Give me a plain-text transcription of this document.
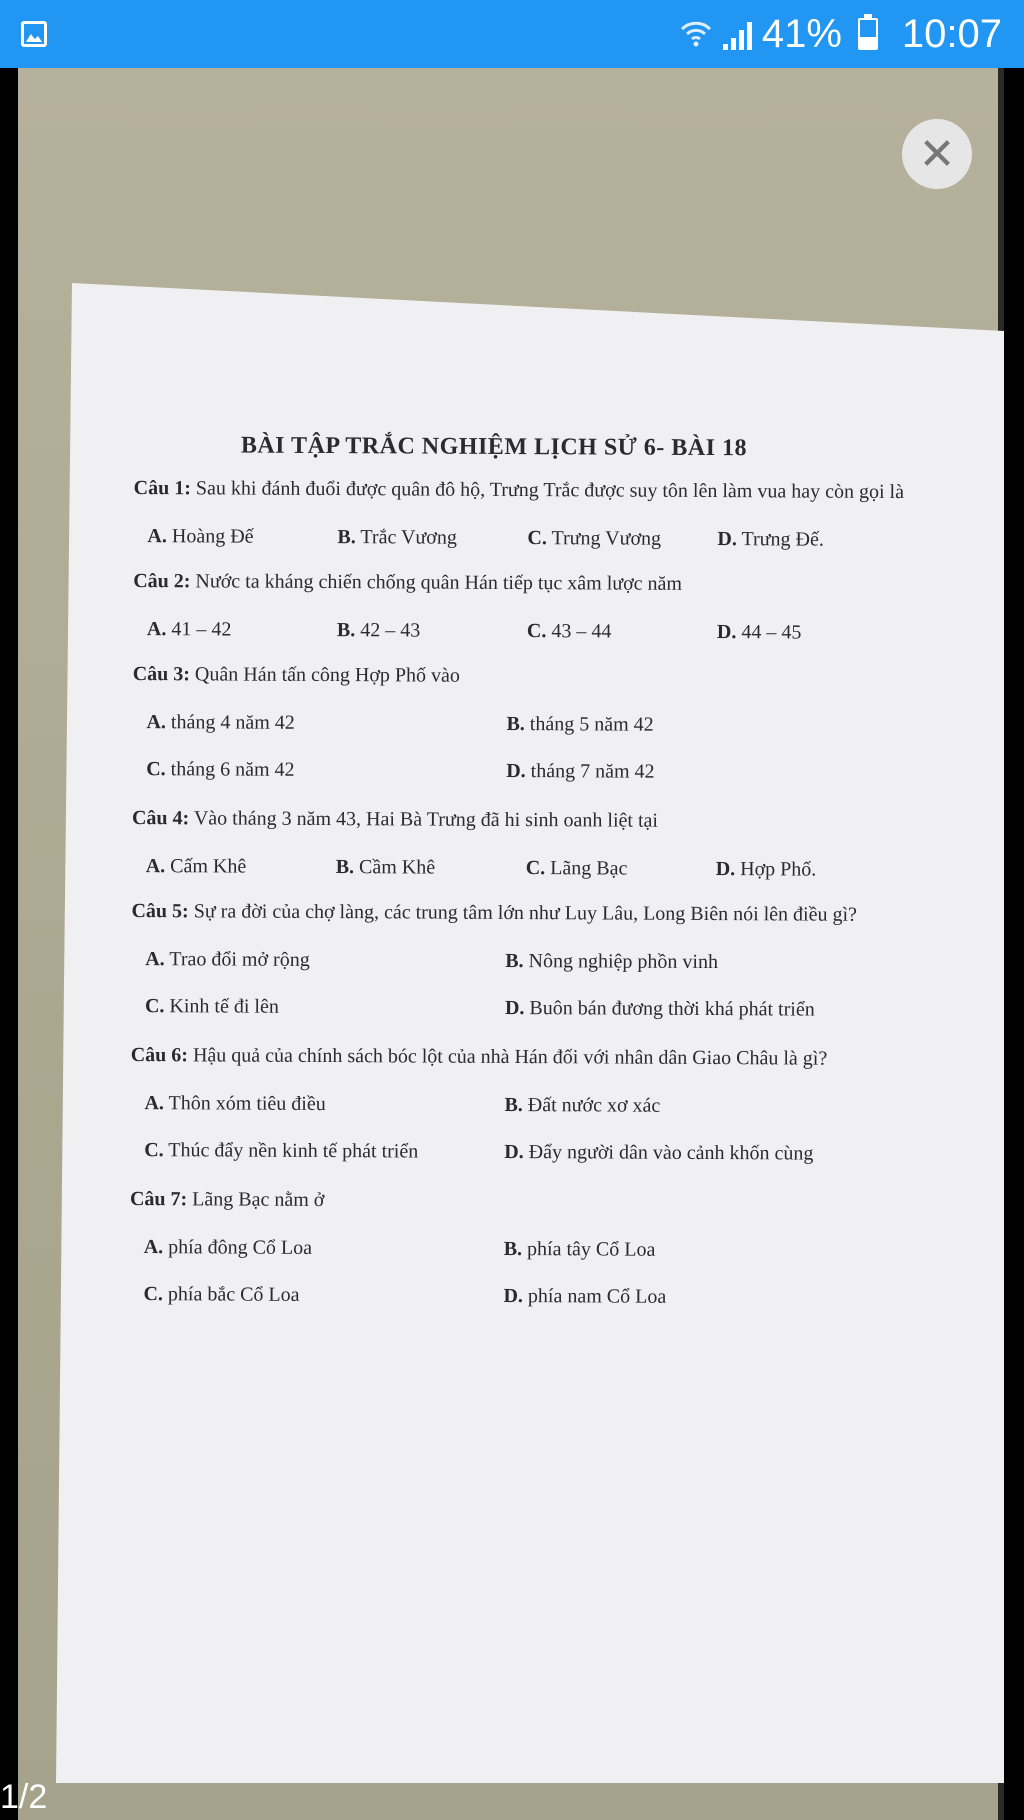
41% 10:07
BÀI TẬP TRẮC NGHIỆM LỊCH SỬ 6- BÀI 18

Câu 1: Sau khi đánh đuổi được quân đô hộ, Trưng Trắc được suy tôn lên làm vua hay còn gọi là

A. Hoàng Đế	B. Trắc Vương	C. Trưng Vương	D. Trưng Đế.

Câu 2: Nước ta kháng chiến chống quân Hán tiếp tục xâm lược năm

A. 41 – 42	B. 42 – 43	C. 43 – 44	D. 44 – 45

Câu 3: Quân Hán tấn công Hợp Phố vào

A. tháng 4 năm 42	B. tháng 5 năm 42
C. tháng 6 năm 42	D. tháng 7 năm 42

Câu 4: Vào tháng 3 năm 43, Hai Bà Trưng đã hi sinh oanh liệt tại

A. Cấm Khê	B. Cầm Khê	C. Lãng Bạc	D. Hợp Phố.

Câu 5: Sự ra đời của chợ làng, các trung tâm lớn như Luy Lâu, Long Biên nói lên điều gì?

A. Trao đổi mở rộng	B. Nông nghiệp phồn vinh
C. Kinh tế đi lên	D. Buôn bán đương thời khá phát triển

Câu 6: Hậu quả của chính sách bóc lột của nhà Hán đối với nhân dân Giao Châu là gì?

A. Thôn xóm tiêu điều	B. Đất nước xơ xác
C. Thúc đẩy nền kinh tế phát triển	D. Đẩy người dân vào cảnh khốn cùng

Câu 7: Lãng Bạc nằm ở

A. phía đông Cổ Loa	B. phía tây Cổ Loa
C. phía bắc Cổ Loa	D. phía nam Cổ Loa
✕
1/2
